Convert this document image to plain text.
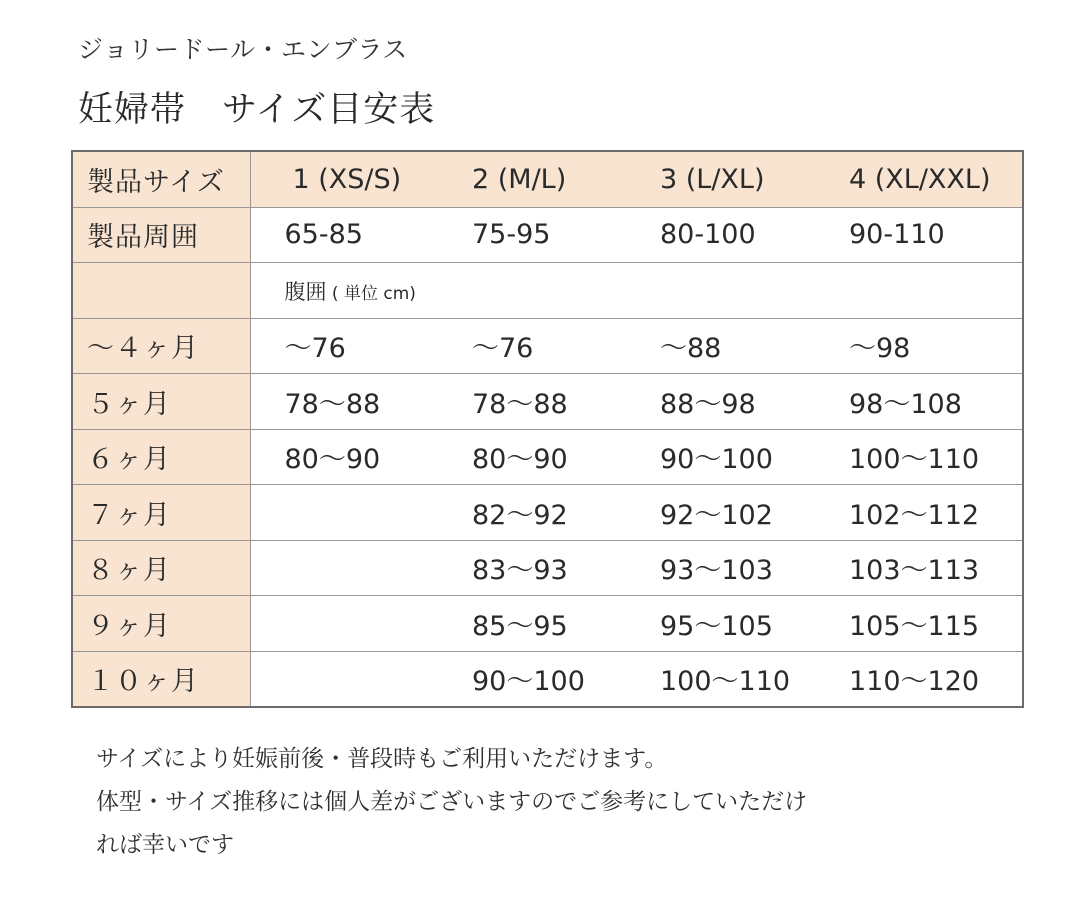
ジョリードール・エンブラス
妊婦帯　サイズ目安表
製品サイズ	1 (XS/S)	2 (M/L)	3 (L/XL)	4 (XL/XXL)
製品周囲	65-85	75-95	80-100	90-110
	腹囲 ( 単位 cm)			
～４ヶ月	～76	～76	～88	～98
５ヶ月	78～88	78～88	88～98	98～108
６ヶ月	80～90	80～90	90～100	100～110
７ヶ月		82～92	92～102	102～112
８ヶ月		83～93	93～103	103～113
９ヶ月		85～95	95～105	105～115
１０ヶ月		90～100	100～110	110～120
サイズにより妊娠前後・普段時もご利用いただけます。
体型・サイズ推移には個人差がございますのでご参考にしていただけ
れば幸いです
